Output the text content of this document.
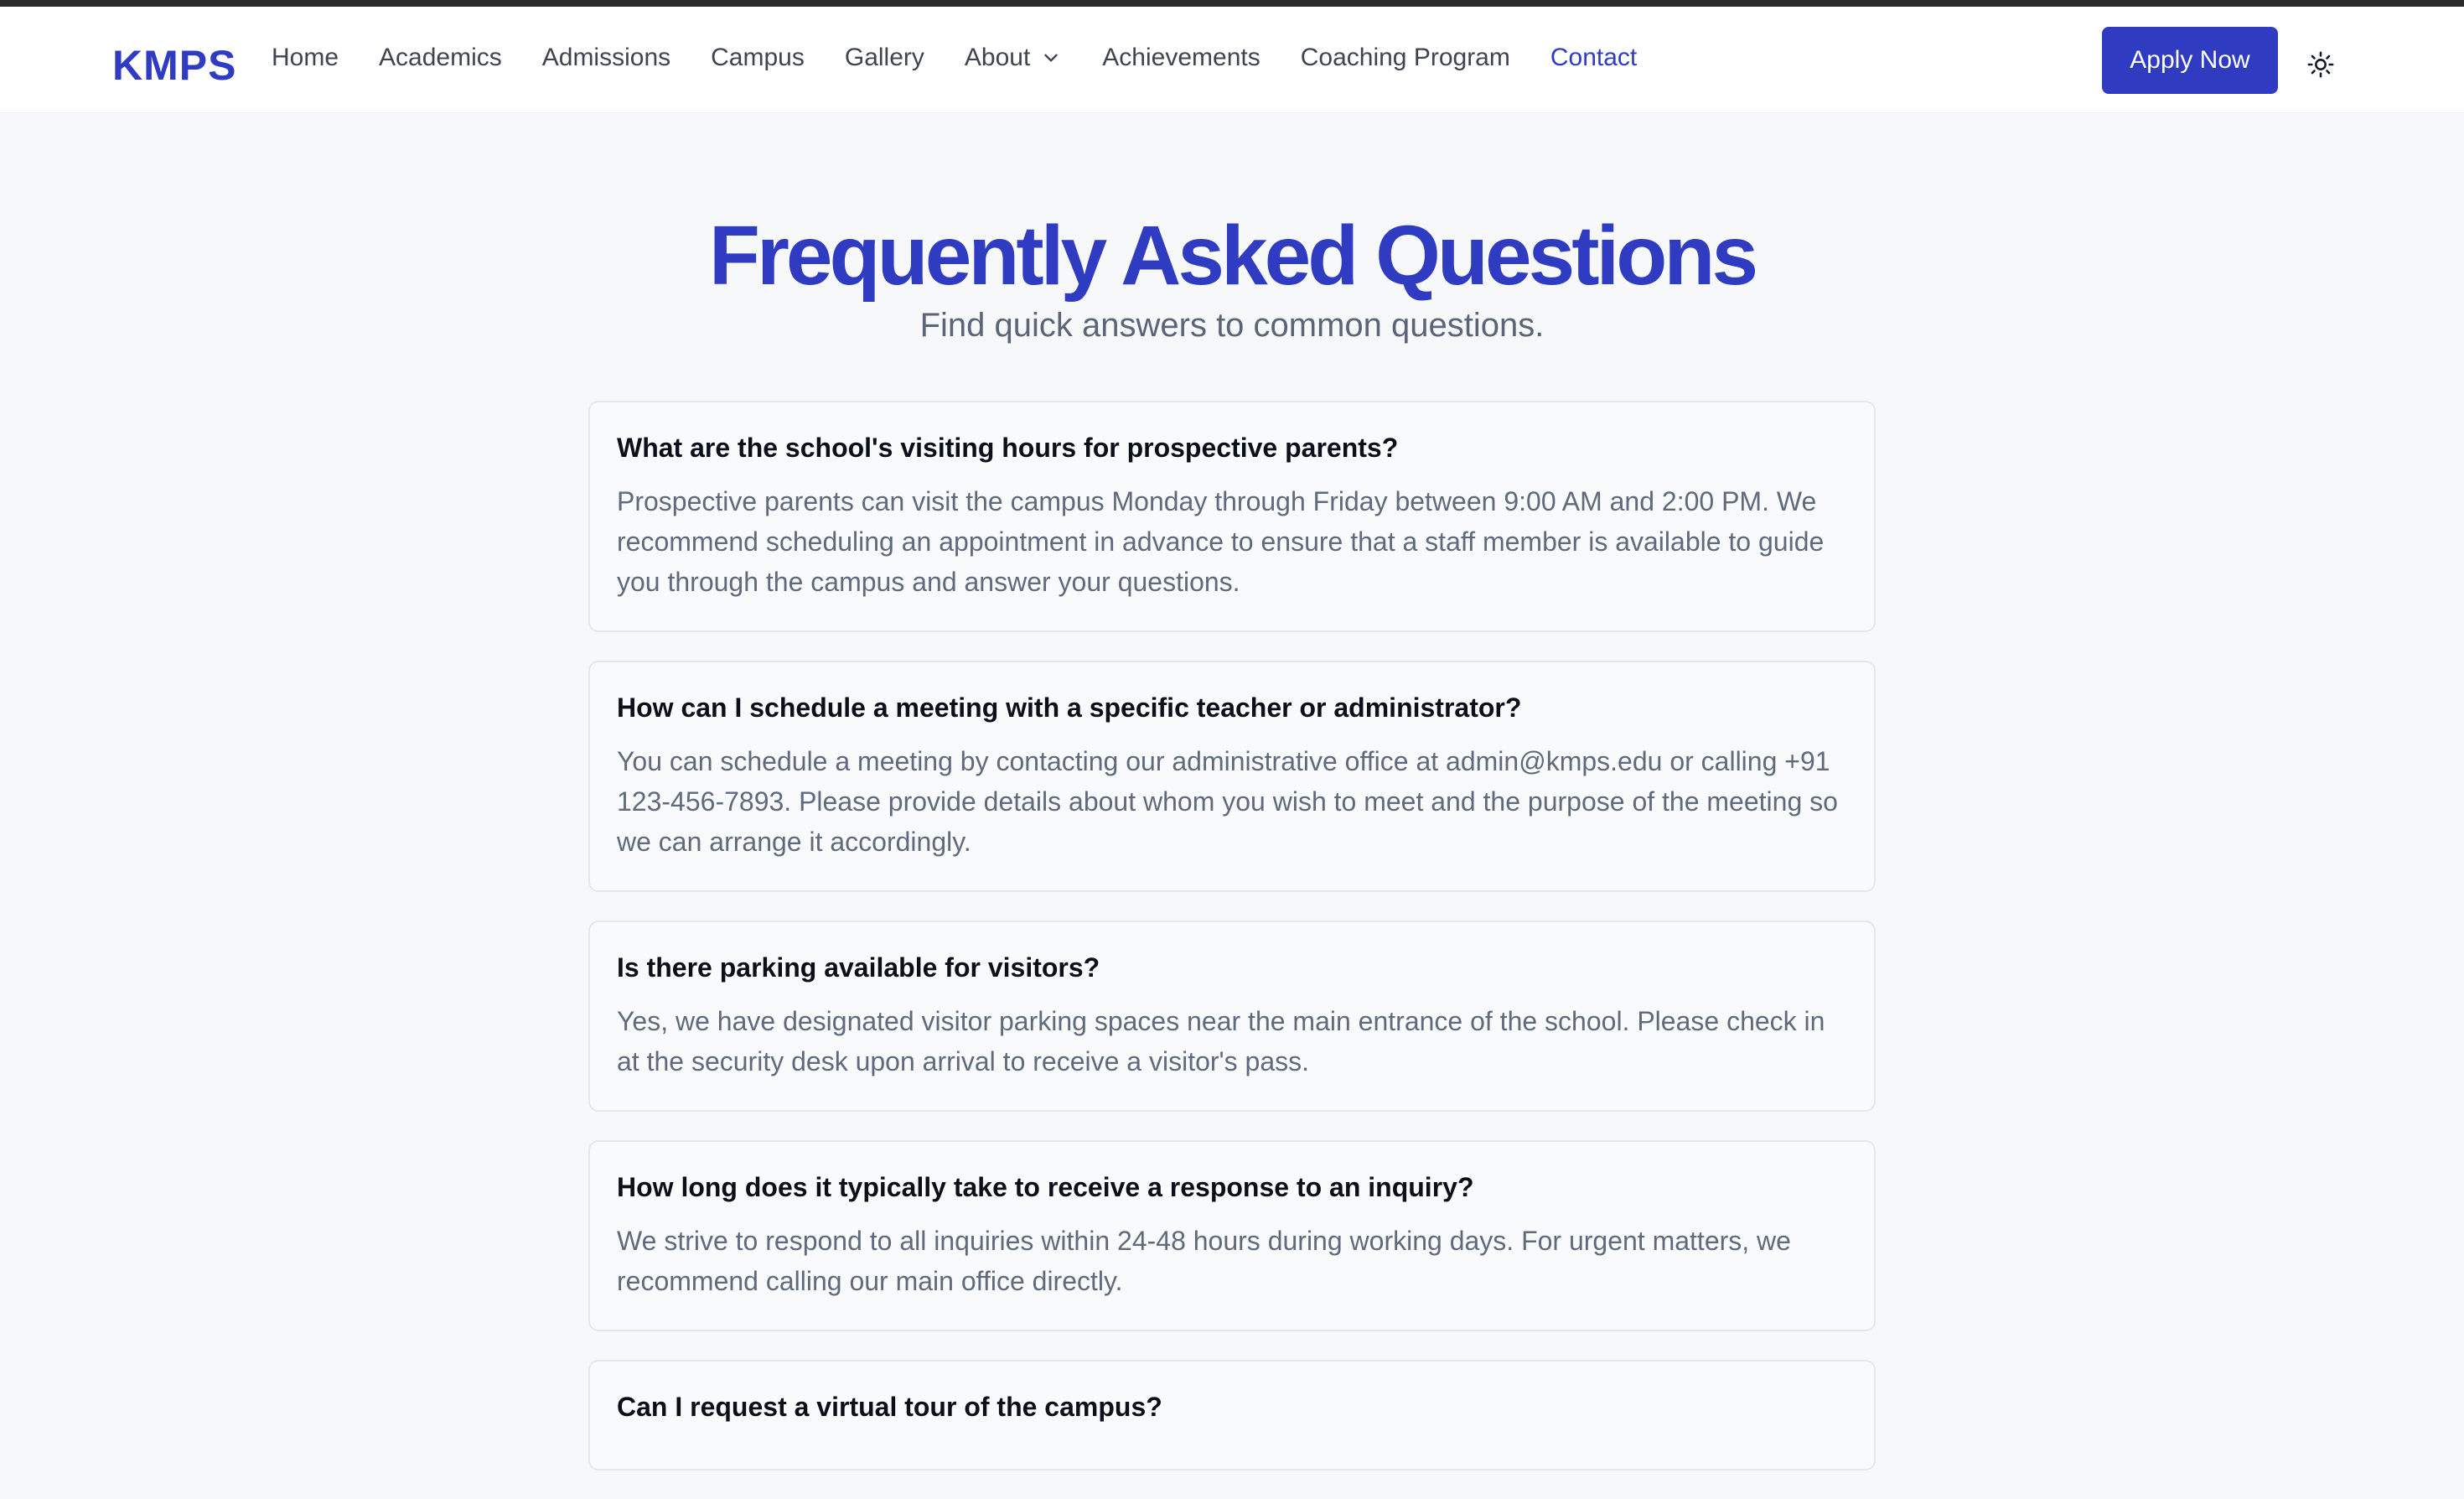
KMPS Home Academics Admissions Campus Gallery About	Achievements Coaching Program Contact	Apply Now
Frequently Asked Questions

Find quick answers to common questions.

What are the school's visiting hours for prospective parents?

Prospective parents can visit the campus Monday through Friday between 9:00 AM and 2:00 PM. We recommend scheduling an appointment in advance to ensure that a staff member is available to guide you through the campus and answer your questions.

How can I schedule a meeting with a specific teacher or administrator?

You can schedule a meeting by contacting our administrative office at admin@kmps.edu or calling +91 123-456-7893. Please provide details about whom you wish to meet and the purpose of the meeting so we can arrange it accordingly.

Is there parking available for visitors?

Yes, we have designated visitor parking spaces near the main entrance of the school. Please check in at the security desk upon arrival to receive a visitor's pass.

How long does it typically take to receive a response to an inquiry?

We strive to respond to all inquiries within 24-48 hours during working days. For urgent matters, we recommend calling our main office directly.

Can I request a virtual tour of the campus?
